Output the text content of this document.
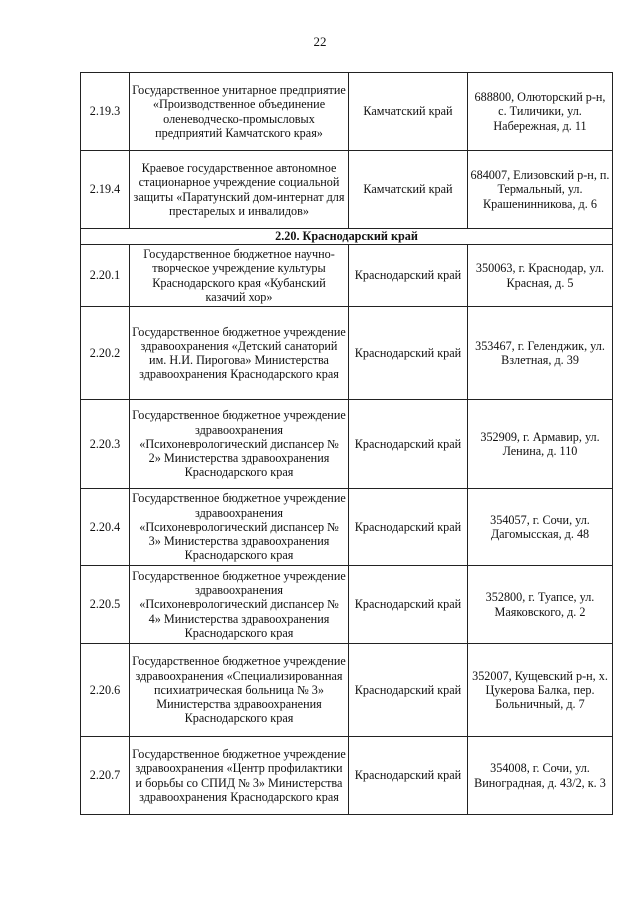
22
2.19.3	Государственное унитарное предприятие «Производственное объединение оленеводческо-промысловых предприятий Камчатского края»	Камчатский край	688800, Олюторский р-н, с. Тиличики, ул. Набережная, д. 11
2.19.4	Краевое государственное автономное стационарное учреждение социальной защиты «Паратунский дом-интернат для престарелых и инвалидов»	Камчатский край	684007, Елизовский р-н, п. Термальный, ул. Крашенинникова, д. 6
2.20. Краснодарский край			
2.20.1	Государственное бюджетное научно-творческое учреждение культуры Краснодарского края «Кубанский казачий хор»	Краснодарский край	350063, г. Краснодар, ул. Красная, д. 5
2.20.2	Государственное бюджетное учреждение здравоохранения «Детский санаторий им. Н.И. Пирогова» Министерства здравоохранения Краснодарского края	Краснодарский край	353467, г. Геленджик, ул. Взлетная, д. 39
2.20.3	Государственное бюджетное учреждение здравоохранения «Психоневрологический диспансер № 2» Министерства здравоохранения Краснодарского края	Краснодарский край	352909, г. Армавир, ул. Ленина, д. 110
2.20.4	Государственное бюджетное учреждение здравоохранения «Психоневрологический диспансер № 3» Министерства здравоохранения Краснодарского края	Краснодарский край	354057, г. Сочи, ул. Дагомысская, д. 48
2.20.5	Государственное бюджетное учреждение здравоохранения «Психоневрологический диспансер № 4» Министерства здравоохранения Краснодарского края	Краснодарский край	352800, г. Туапсе, ул. Маяковского, д. 2
2.20.6	Государственное бюджетное учреждение здравоохранения «Специализированная психиатрическая больница № 3» Министерства здравоохранения Краснодарского края	Краснодарский край	352007, Кущевский р-н, х. Цукерова Балка, пер. Больничный, д. 7
2.20.7	Государственное бюджетное учреждение здравоохранения «Центр профилактики и борьбы со СПИД № 3» Министерства здравоохранения Краснодарского края	Краснодарский край	354008, г. Сочи, ул. Виноградная, д. 43/2, к. 3
